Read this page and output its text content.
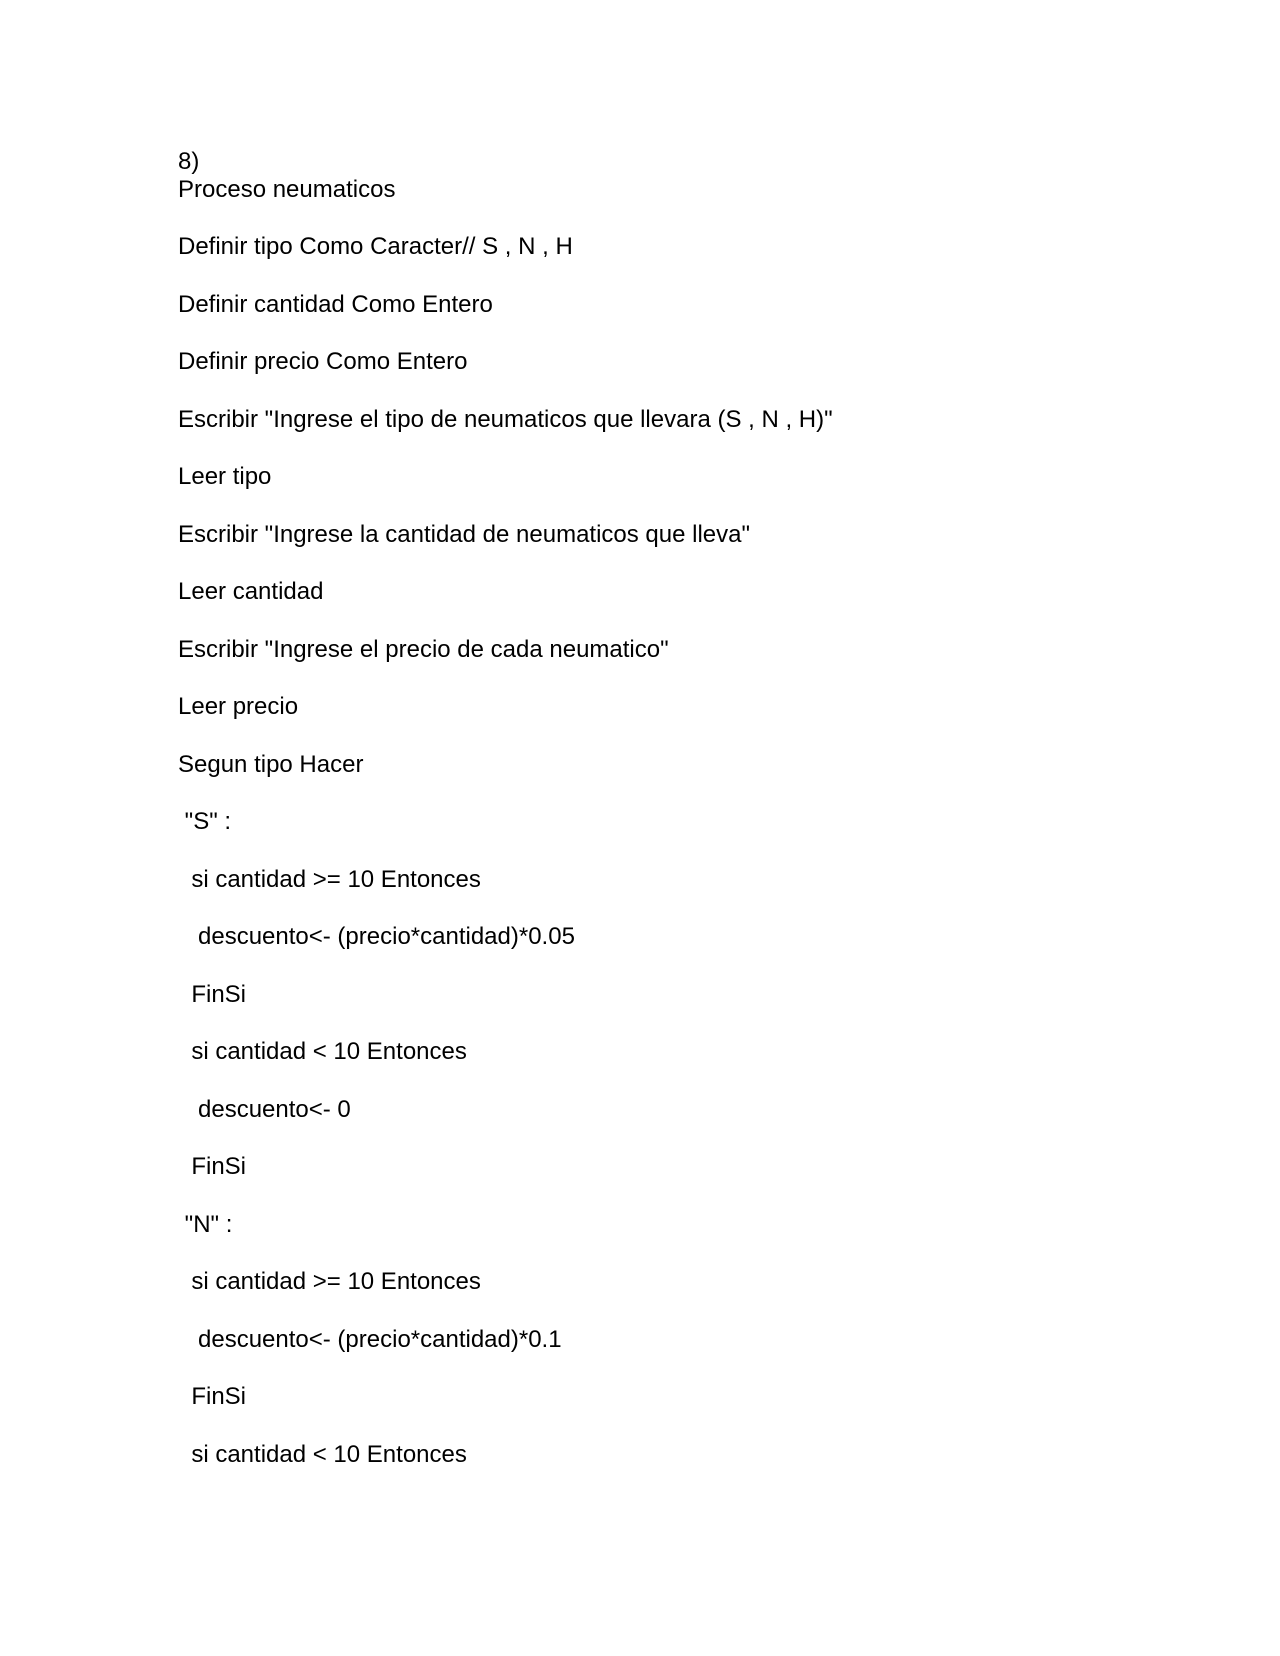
8)

Proceso neumaticos

Definir tipo Como Caracter// S , N , H

Definir cantidad Como Entero

Definir precio Como Entero

Escribir "Ingrese el tipo de neumaticos que llevara (S , N , H)"

Leer tipo

Escribir "Ingrese la cantidad de neumaticos que lleva"

Leer cantidad

Escribir "Ingrese el precio de cada neumatico"

Leer precio

Segun tipo Hacer

"S" :

si cantidad >= 10 Entonces

descuento<- (precio*cantidad)*0.05

FinSi

si cantidad < 10 Entonces

descuento<- 0

FinSi

"N" :

si cantidad >= 10 Entonces

descuento<- (precio*cantidad)*0.1

FinSi

si cantidad < 10 Entonces
